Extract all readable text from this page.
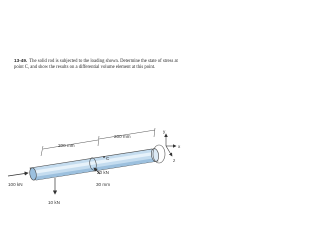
13-49. The solid rod is subjected to the loading shown. Determine the state of stress at point C, and show the results on a differential volume element at this point.
200 mm
200 mm
100 kN
10 kN
20 kN
30 mm
C
x
y
z
